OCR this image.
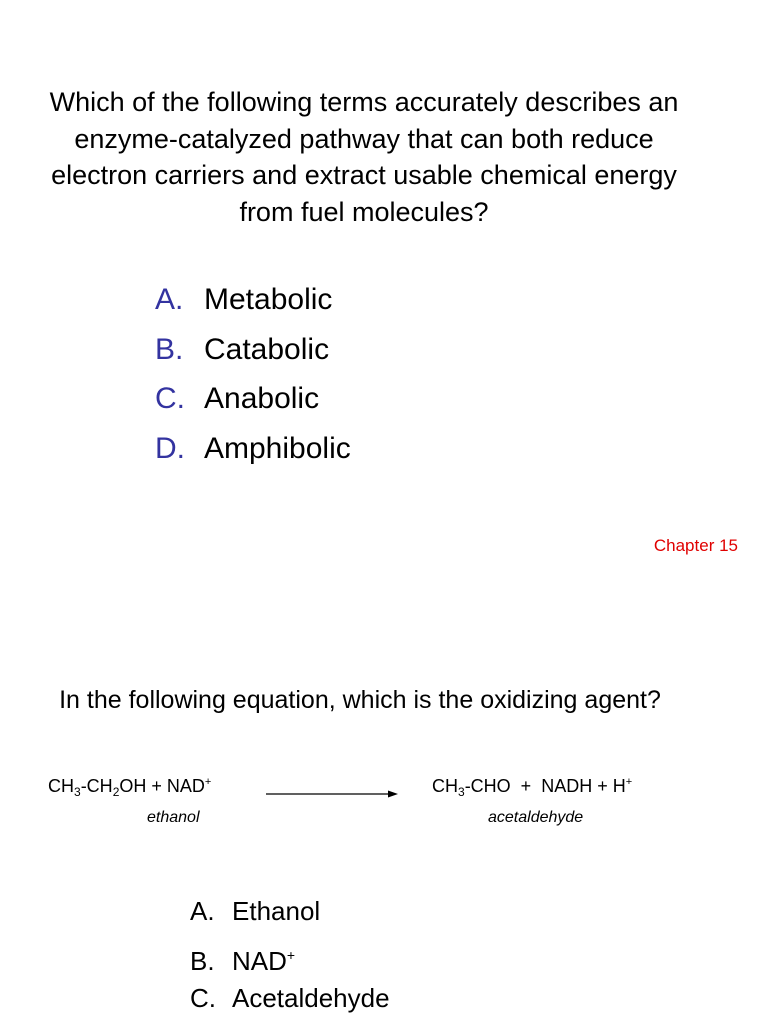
Which of the following terms accurately describes an enzyme-catalyzed pathway that can both reduce electron carriers and extract usable chemical energy from fuel molecules?
A. Metabolic
B. Catabolic
C. Anabolic
D. Amphibolic
Chapter 15
In the following equation, which is the oxidizing agent?
$CH_3-CH_2OH + NAD^+$	$CH_3$-CHO  +  NADH + H+
ethanol	acetaldehyde
A. Ethanol
B. NAD+
C. Acetaldehyde
